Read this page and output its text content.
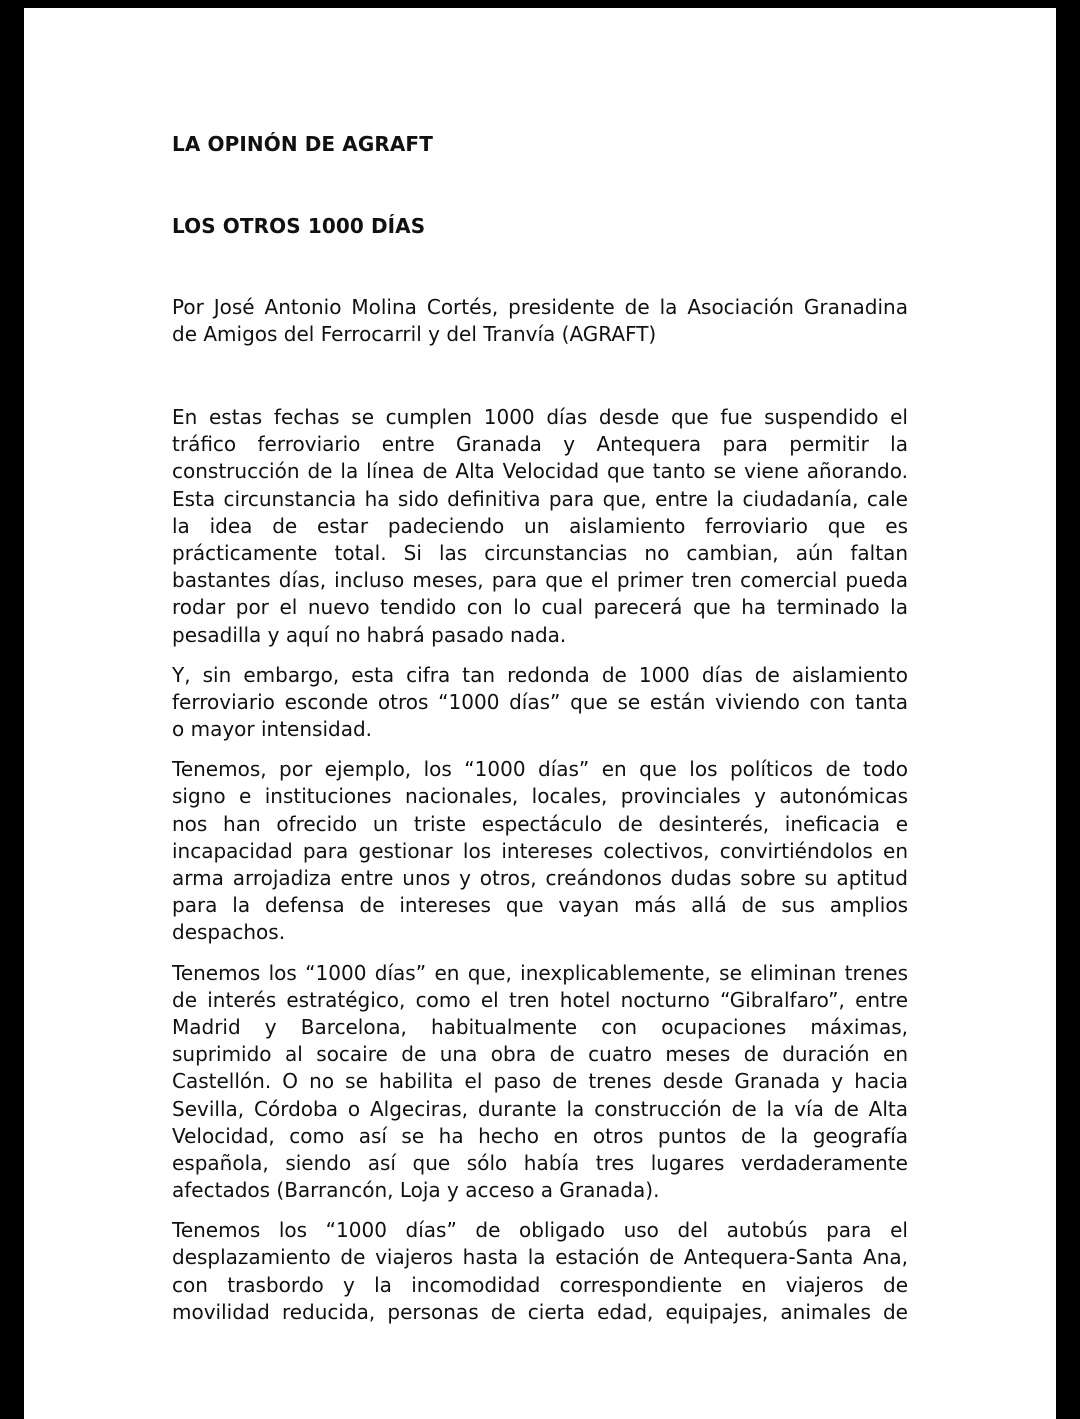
LA OPINÓN DE AGRAFT
LOS OTROS 1000 DÍAS
Por José Antonio Molina Cortés, presidente de la Asociación Granadina
de Amigos del Ferrocarril y del Tranvía (AGRAFT)
En estas fechas se cumplen 1000 días desde que fue suspendido el
tráfico ferroviario entre Granada y Antequera para permitir la
construcción de la línea de Alta Velocidad que tanto se viene añorando.
Esta circunstancia ha sido definitiva para que, entre la ciudadanía, cale
la idea de estar padeciendo un aislamiento ferroviario que es
prácticamente total. Si las circunstancias no cambian, aún faltan
bastantes días, incluso meses, para que el primer tren comercial pueda
rodar por el nuevo tendido con lo cual parecerá que ha terminado la
pesadilla y aquí no habrá pasado nada.
Y, sin embargo, esta cifra tan redonda de 1000 días de aislamiento
ferroviario esconde otros “1000 días” que se están viviendo con tanta
o mayor intensidad.
Tenemos, por ejemplo, los “1000 días” en que los políticos de todo
signo e instituciones nacionales, locales, provinciales y autonómicas
nos han ofrecido un triste espectáculo de desinterés, ineficacia e
incapacidad para gestionar los intereses colectivos, convirtiéndolos en
arma arrojadiza entre unos y otros, creándonos dudas sobre su aptitud
para la defensa de intereses que vayan más allá de sus amplios
despachos.
Tenemos los “1000 días” en que, inexplicablemente, se eliminan trenes
de interés estratégico, como el tren hotel nocturno “Gibralfaro”, entre
Madrid y Barcelona, habitualmente con ocupaciones máximas,
suprimido al socaire de una obra de cuatro meses de duración en
Castellón. O no se habilita el paso de trenes desde Granada y hacia
Sevilla, Córdoba o Algeciras, durante la construcción de la vía de Alta
Velocidad, como así se ha hecho en otros puntos de la geografía
española, siendo así que sólo había tres lugares verdaderamente
afectados (Barrancón, Loja y acceso a Granada).
Tenemos los “1000 días” de obligado uso del autobús para el
desplazamiento de viajeros hasta la estación de Antequera-Santa Ana,
con trasbordo y la incomodidad correspondiente en viajeros de
movilidad reducida, personas de cierta edad, equipajes, animales de
